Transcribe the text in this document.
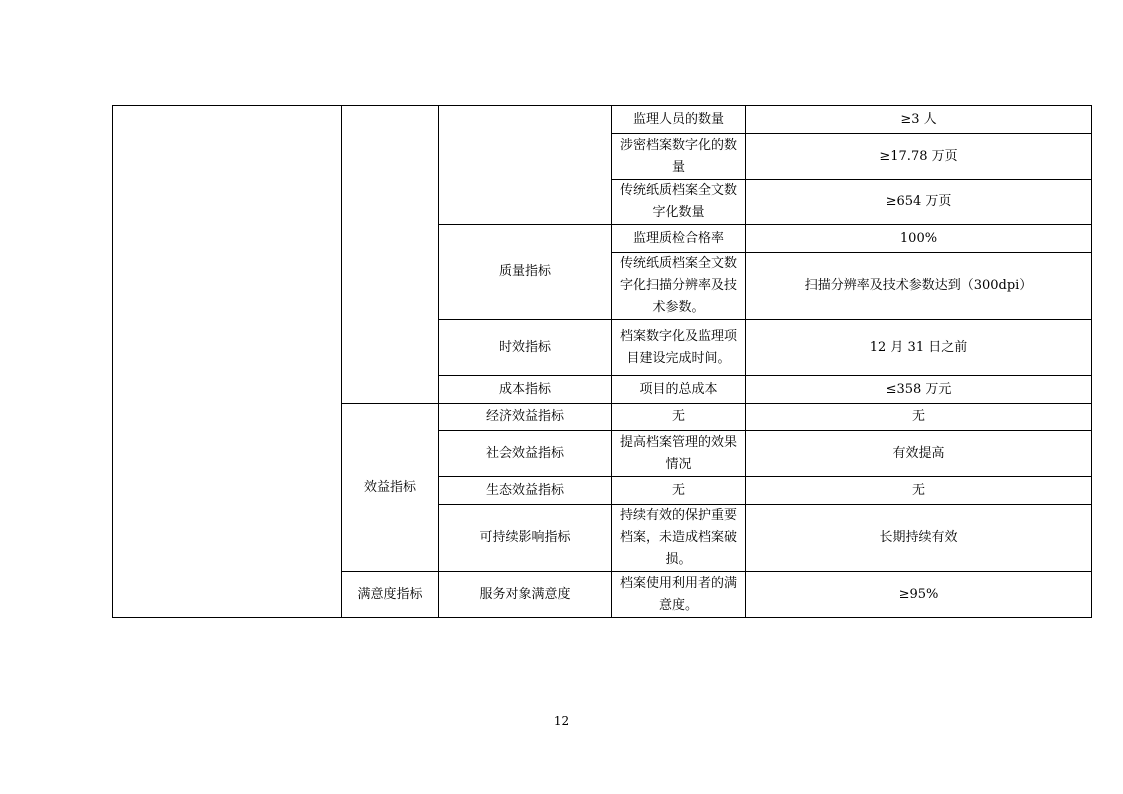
			监理人员的数量	≥3 人
			涉密档案数字化的数量	≥17.78 万页
			传统纸质档案全文数字化数量	≥654 万页
		质量指标	监理质检合格率	100%
			传统纸质档案全文数字化扫描分辨率及技术参数。	扫描分辨率及技术参数达到（300dpi）
		时效指标	档案数字化及监理项目建设完成时间。	12 月 31 日之前
		成本指标	项目的总成本	≤358 万元

	效益指标	经济效益指标	无	无
		社会效益指标	提高档案管理的效果情况	有效提高
		生态效益指标	无	无
		可持续影响指标	持续有效的保护重要档案，未造成档案破损。	长期持续有效
	满意度指标	服务对象满意度	档案使用利用者的满意度。	≥95%
12
